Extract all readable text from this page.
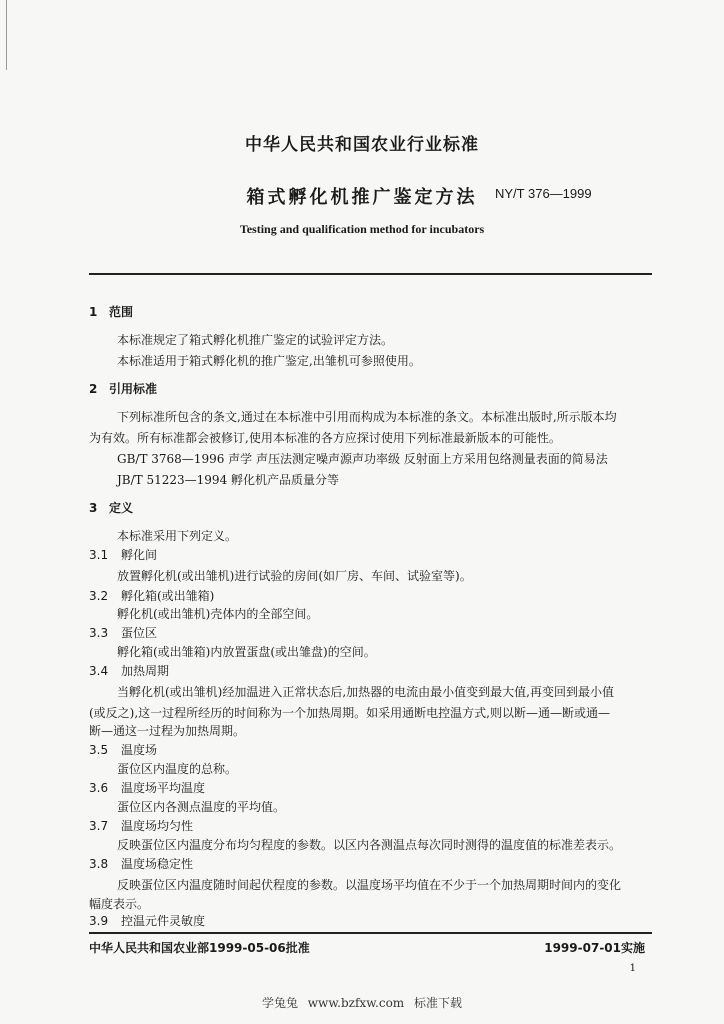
中华人民共和国农业行业标准
箱式孵化机推广鉴定方法	NY/T 376—1999
Testing and qualification method for incubators
1 范围
本标准规定了箱式孵化机推广鉴定的试验评定方法。
本标准适用于箱式孵化机的推广鉴定,出雏机可参照使用。
2 引用标准
下列标准所包含的条文,通过在本标准中引用而构成为本标准的条文。本标准出版时,所示版本均
为有效。所有标准都会被修订,使用本标准的各方应探讨使用下列标准最新版本的可能性。
GB/T 3768—1996 声学 声压法测定噪声源声功率级 反射面上方采用包络测量表面的简易法
JB/T 51223—1994 孵化机产品质量分等
3 定义
本标准采用下列定义。
3.1 孵化间
放置孵化机(或出雏机)进行试验的房间(如厂房、车间、试验室等)。
3.2 孵化箱(或出雏箱)
孵化机(或出雏机)壳体内的全部空间。
3.3 蛋位区
孵化箱(或出雏箱)内放置蛋盘(或出雏盘)的空间。
3.4 加热周期
当孵化机(或出雏机)经加温进入正常状态后,加热器的电流由最小值变到最大值,再变回到最小值
(或反之),这一过程所经历的时间称为一个加热周期。如采用通断电控温方式,则以断—通—断或通—
断—通这一过程为加热周期。
3.5 温度场
蛋位区内温度的总称。
3.6 温度场平均温度
蛋位区内各测点温度的平均值。
3.7 温度场均匀性
反映蛋位区内温度分布均匀程度的参数。以区内各测温点每次同时测得的温度值的标准差表示。
3.8 温度场稳定性
反映蛋位区内温度随时间起伏程度的参数。以温度场平均值在不少于一个加热周期时间内的变化
幅度表示。
3.9 控温元件灵敏度
中华人民共和国农业部1999-05-06批准	1999-07-01实施
1
学兔兔 www.bzfxw.com 标准下载
